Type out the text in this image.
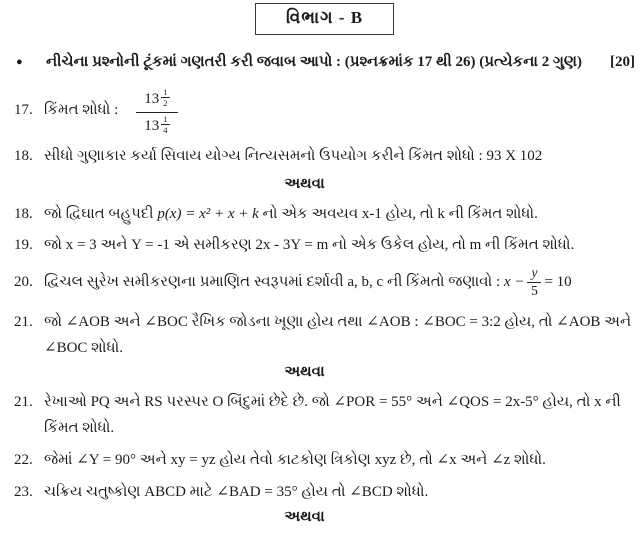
વિભાગ - B
●	નીચેના પ્રશ્નોની ટૂંકમાં ગણતરી કરી જવાબ આપો : (પ્રશ્નક્રમાંક 17 થી 26) (પ્રત્યેકના 2 ગુણ)	[20]
17. કિંમત શોધો : $\frac{13 \frac{1}{2}}{13 \frac{1}{4}}$
18. સીધો ગુણાકાર કર્યા સિવાય યોગ્ય નિત્યસમનો ઉપયોગ કરીને કિંમત શોધો : 93 X 102
અથવા
18. જો દ્વિઘાત બહુપદી p(x) = x² + x + k નો એક અવયવ x-1 હોય, તો k ની કિંમત શોધો.
19. જો x = 3 અને Y = -1 એ સમીકરણ 2x - 3Y = m નો એક ઉકેલ હોય, તો m ની કિંમત શોધો.
20. દ્વિચલ સુરેખ સમીકરણના પ્રમાણિત સ્વરૂપમાં દર્શાવી a, b, c ની કિંમતો જણાવો : $x - \frac{y}{5} = 10$
21. જો ∠AOB અને ∠BOC રૈખિક જોડના ખૂણા હોય તથા ∠AOB : ∠BOC = 3:2 હોય, તો ∠AOB અને ∠BOC શોધો.
અથવા
21. રેખાઓ PQ અને RS પરસ્પર O બિંદુમાં છેદે છે. જો ∠POR = 55° અને ∠QOS = 2x-5° હોય, તો x ની કિંમત શોધો.
22. જેમાં ∠Y = 90° અને xy = yz હોય તેવો કાટકોણ ત્રિકોણ xyz છે, તો ∠x અને ∠z શોધો.
23. ચક્રિય ચતુષ્કોણ ABCD માટે ∠BAD = 35° હોય તો ∠BCD શોધો.
અથવા
